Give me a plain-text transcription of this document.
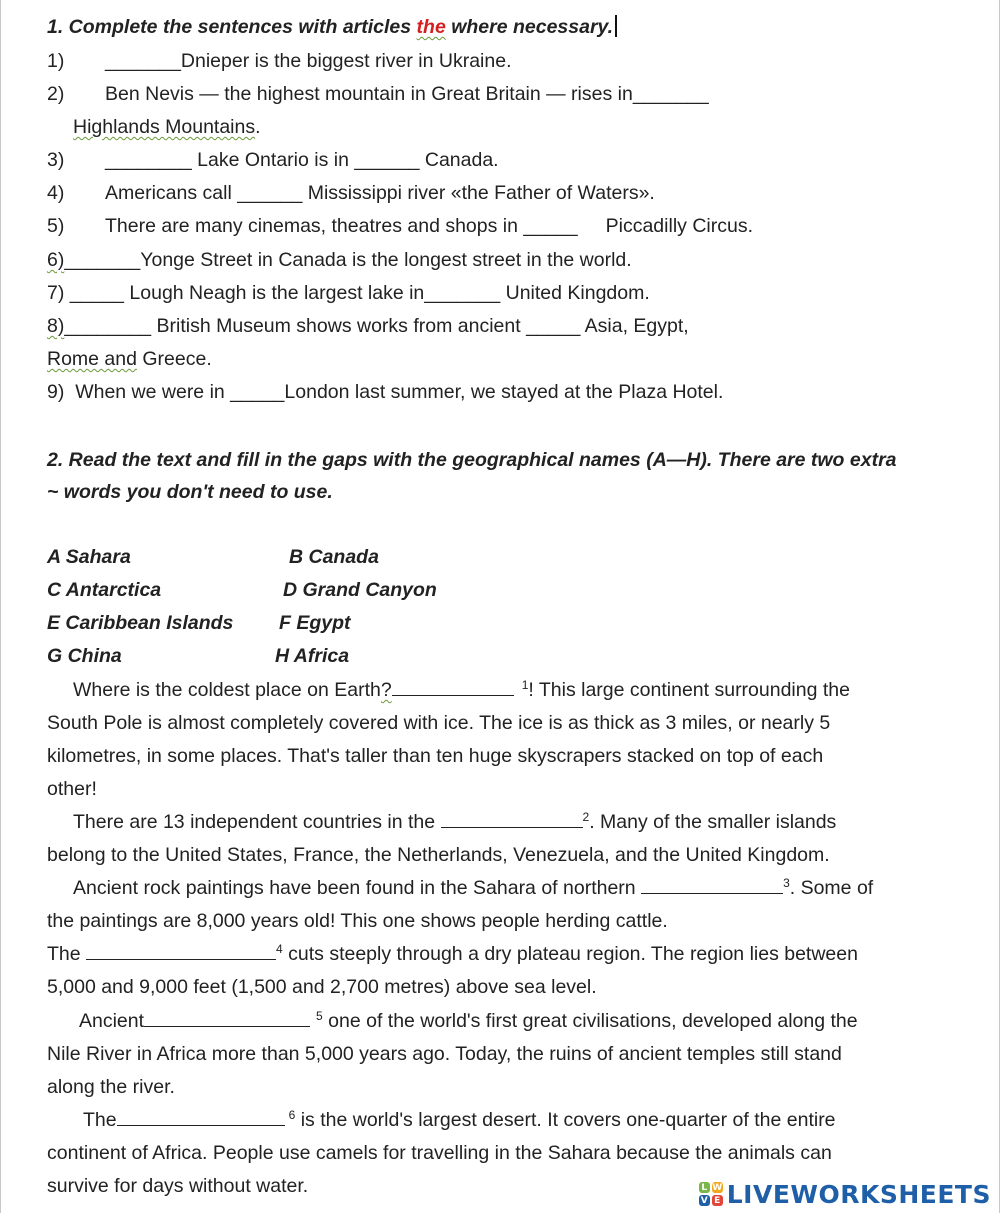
1. Complete the sentences with articles the where necessary.
1) _______Dnieper is the biggest river in Ukraine.
2) Ben Nevis — the highest mountain in Great Britain — rises in_______
Highlands Mountains.
3) ________ Lake Ontario is in ______ Canada.
4) Americans call ______ Mississippi river «the Father of Waters».
5) There are many cinemas, theatres and shops in _____ Piccadilly Circus.
6)_______Yonge Street in Canada is the longest street in the world.
7) _____ Lough Neagh is the largest lake in_______ United Kingdom.
8)________ British Museum shows works from ancient _____ Asia, Egypt,
Rome and Greece.
9) When we were in _____London last summer, we stayed at the Plaza Hotel.
2. Read the text and fill in the gaps with the geographical names (A—H). There are two extra
~ words you don't need to use.
A Sahara	B Canada
C Antarctica	D Grand Canyon
E Caribbean Islands F Egypt
G China	H Africa
Where is the coldest place on Earth?	$^1$! This large continent surrounding the
South Pole is almost completely covered with ice. The ice is as thick as 3 miles, or nearly 5
kilometres, in some places. That's taller than ten huge skyscrapers stacked on top of each
other!
There are 13 independent countries in the	$^2$. Many of the smaller islands
belong to the United States, France, the Netherlands, Venezuela, and the United Kingdom.
Ancient rock paintings have been found in the Sahara of northern	$^3$. Some of
the paintings are 8,000 years old! This one shows people herding cattle.
The	$^4$ cuts steeply through a dry plateau region. The region lies between
5,000 and 9,000 feet (1,500 and 2,700 metres) above sea level.
Ancient	$^5$ one of the world's first great civilisations, developed along the
Nile River in Africa more than 5,000 years ago. Today, the ruins of ancient temples still stand
along the river.
The	$^6$ is the world's largest desert. It covers one-quarter of the entire
continent of Africa. People use camels for travelling in the Sahara because the animals can
survive for days without water.	L W
V E LIVEWORKSHEETS
